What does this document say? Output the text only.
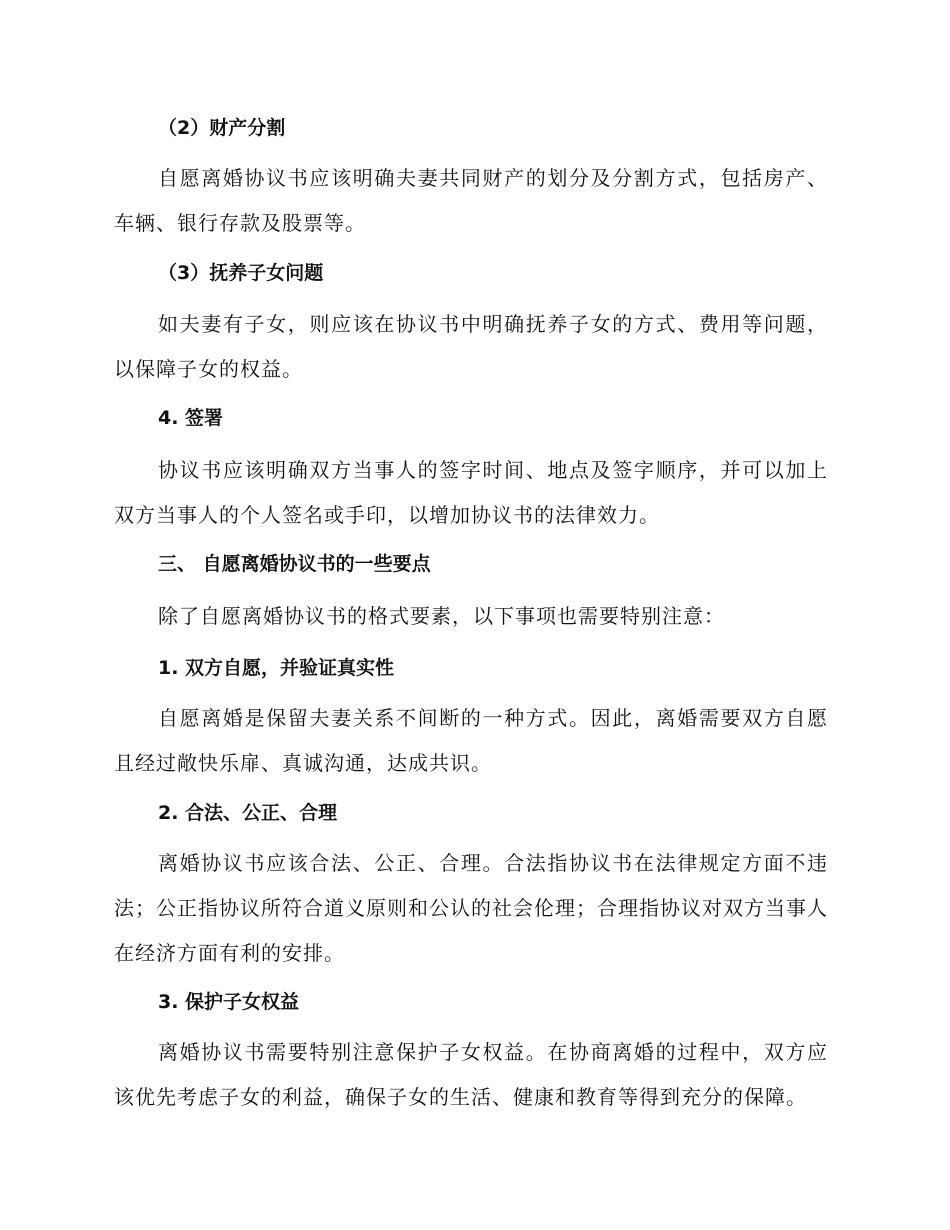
（2）财产分割
自愿离婚协议书应该明确夫妻共同财产的划分及分割方式，包括房产、车辆、银行存款及股票等。
（3）抚养子女问题
如夫妻有子女，则应该在协议书中明确抚养子女的方式、费用等问题，以保障子女的权益。
4. 签署
协议书应该明确双方当事人的签字时间、地点及签字顺序，并可以加上双方当事人的个人签名或手印，以增加协议书的法律效力。
三、 自愿离婚协议书的一些要点
除了自愿离婚协议书的格式要素，以下事项也需要特别注意：
1. 双方自愿，并验证真实性
自愿离婚是保留夫妻关系不间断的一种方式。因此，离婚需要双方自愿且经过敞快乐扉、真诚沟通，达成共识。
2. 合法、公正、合理
离婚协议书应该合法、公正、合理。合法指协议书在法律规定方面不违法；公正指协议所符合道义原则和公认的社会伦理；合理指协议对双方当事人在经济方面有利的安排。
3. 保护子女权益
离婚协议书需要特别注意保护子女权益。在协商离婚的过程中，双方应该优先考虑子女的利益，确保子女的生活、健康和教育等得到充分的保障。
